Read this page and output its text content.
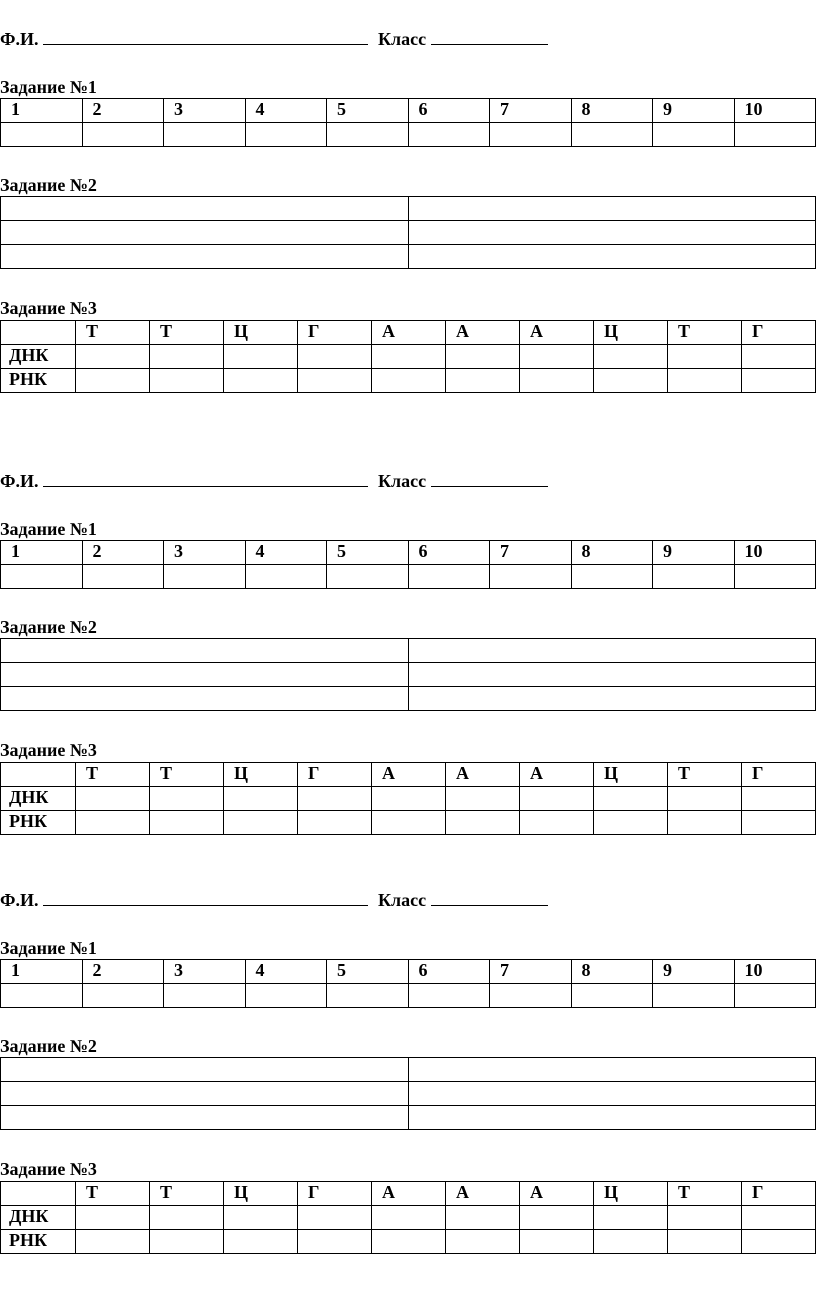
Ф.И.	Класс
Задание №1
1	2	3	4	5	6	7	8	9	10

Задание №2

Задание №3
	Т	Т	Ц	Г	А	А	А	Ц	Т	Г
ДНК										
РНК										
Ф.И.	Класс
Задание №1
1	2	3	4	5	6	7	8	9	10

Задание №2

Задание №3
	Т	Т	Ц	Г	А	А	А	Ц	Т	Г
ДНК										
РНК										
Ф.И.	Класс
Задание №1
1	2	3	4	5	6	7	8	9	10

Задание №2

Задание №3
	Т	Т	Ц	Г	А	А	А	Ц	Т	Г
ДНК										
РНК										
